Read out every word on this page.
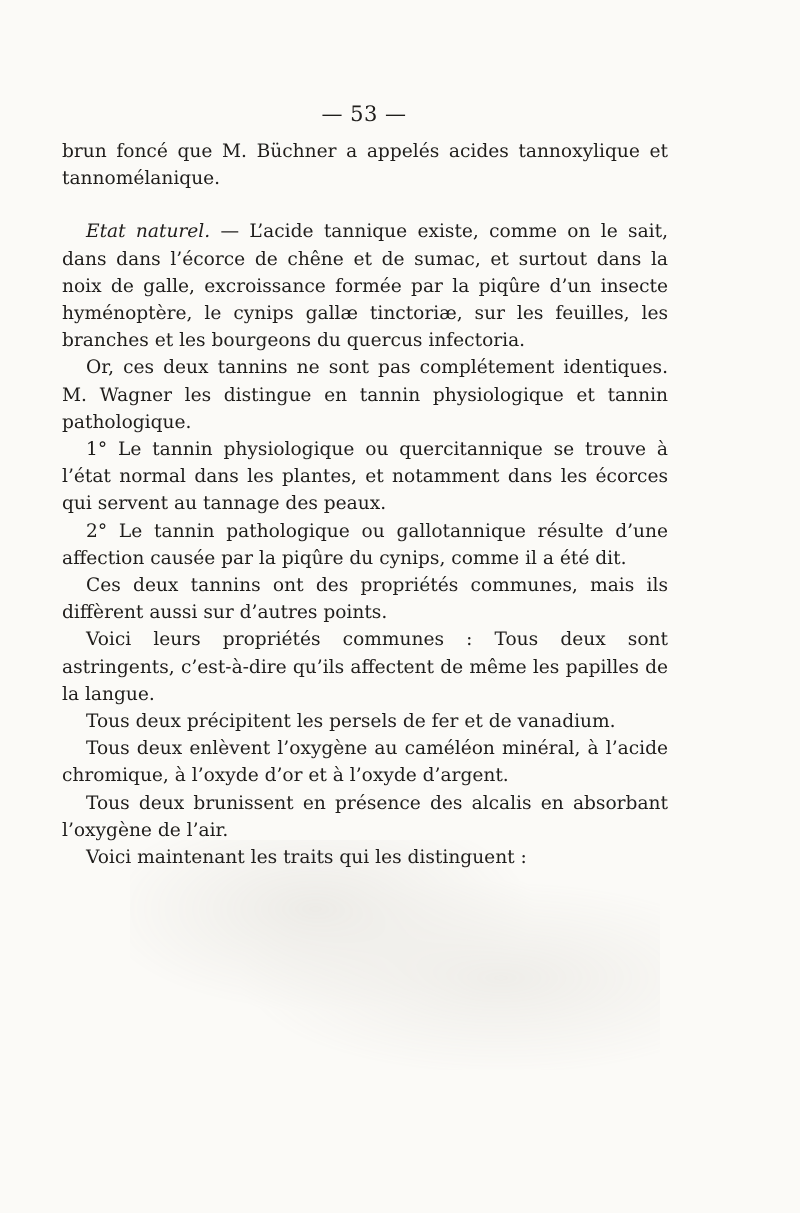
— 53 —

brun foncé que M. Büchner a appelés acides tannoxylique et tannomélanique.

Etat naturel. — L’acide tannique existe, comme on le sait, dans dans l’écorce de chêne et de sumac, et surtout dans la noix de galle, excroissance formée par la piqûre d’un insecte hyménoptère, le cynips gallæ tinctoriæ, sur les feuilles, les branches et les bourgeons du quercus infectoria.

Or, ces deux tannins ne sont pas complétement identiques. M. Wagner les distingue en tannin physiologique et tannin pathologique.

1° Le tannin physiologique ou quercitannique se trouve à l’état normal dans les plantes, et notamment dans les écorces qui servent au tannage des peaux.

2° Le tannin pathologique ou gallotannique résulte d’une affection causée par la piqûre du cynips, comme il a été dit.

Ces deux tannins ont des propriétés communes, mais ils diffèrent aussi sur d’autres points.

Voici leurs propriétés communes : Tous deux sont astringents, c’est-à-dire qu’ils affectent de même les papilles de la langue.

Tous deux précipitent les persels de fer et de vanadium.

Tous deux enlèvent l’oxygène au caméléon minéral, à l’acide chromique, à l’oxyde d’or et à l’oxyde d’argent.

Tous deux brunissent en présence des alcalis en absorbant l’oxygène de l’air.

Voici maintenant les traits qui les distinguent :
